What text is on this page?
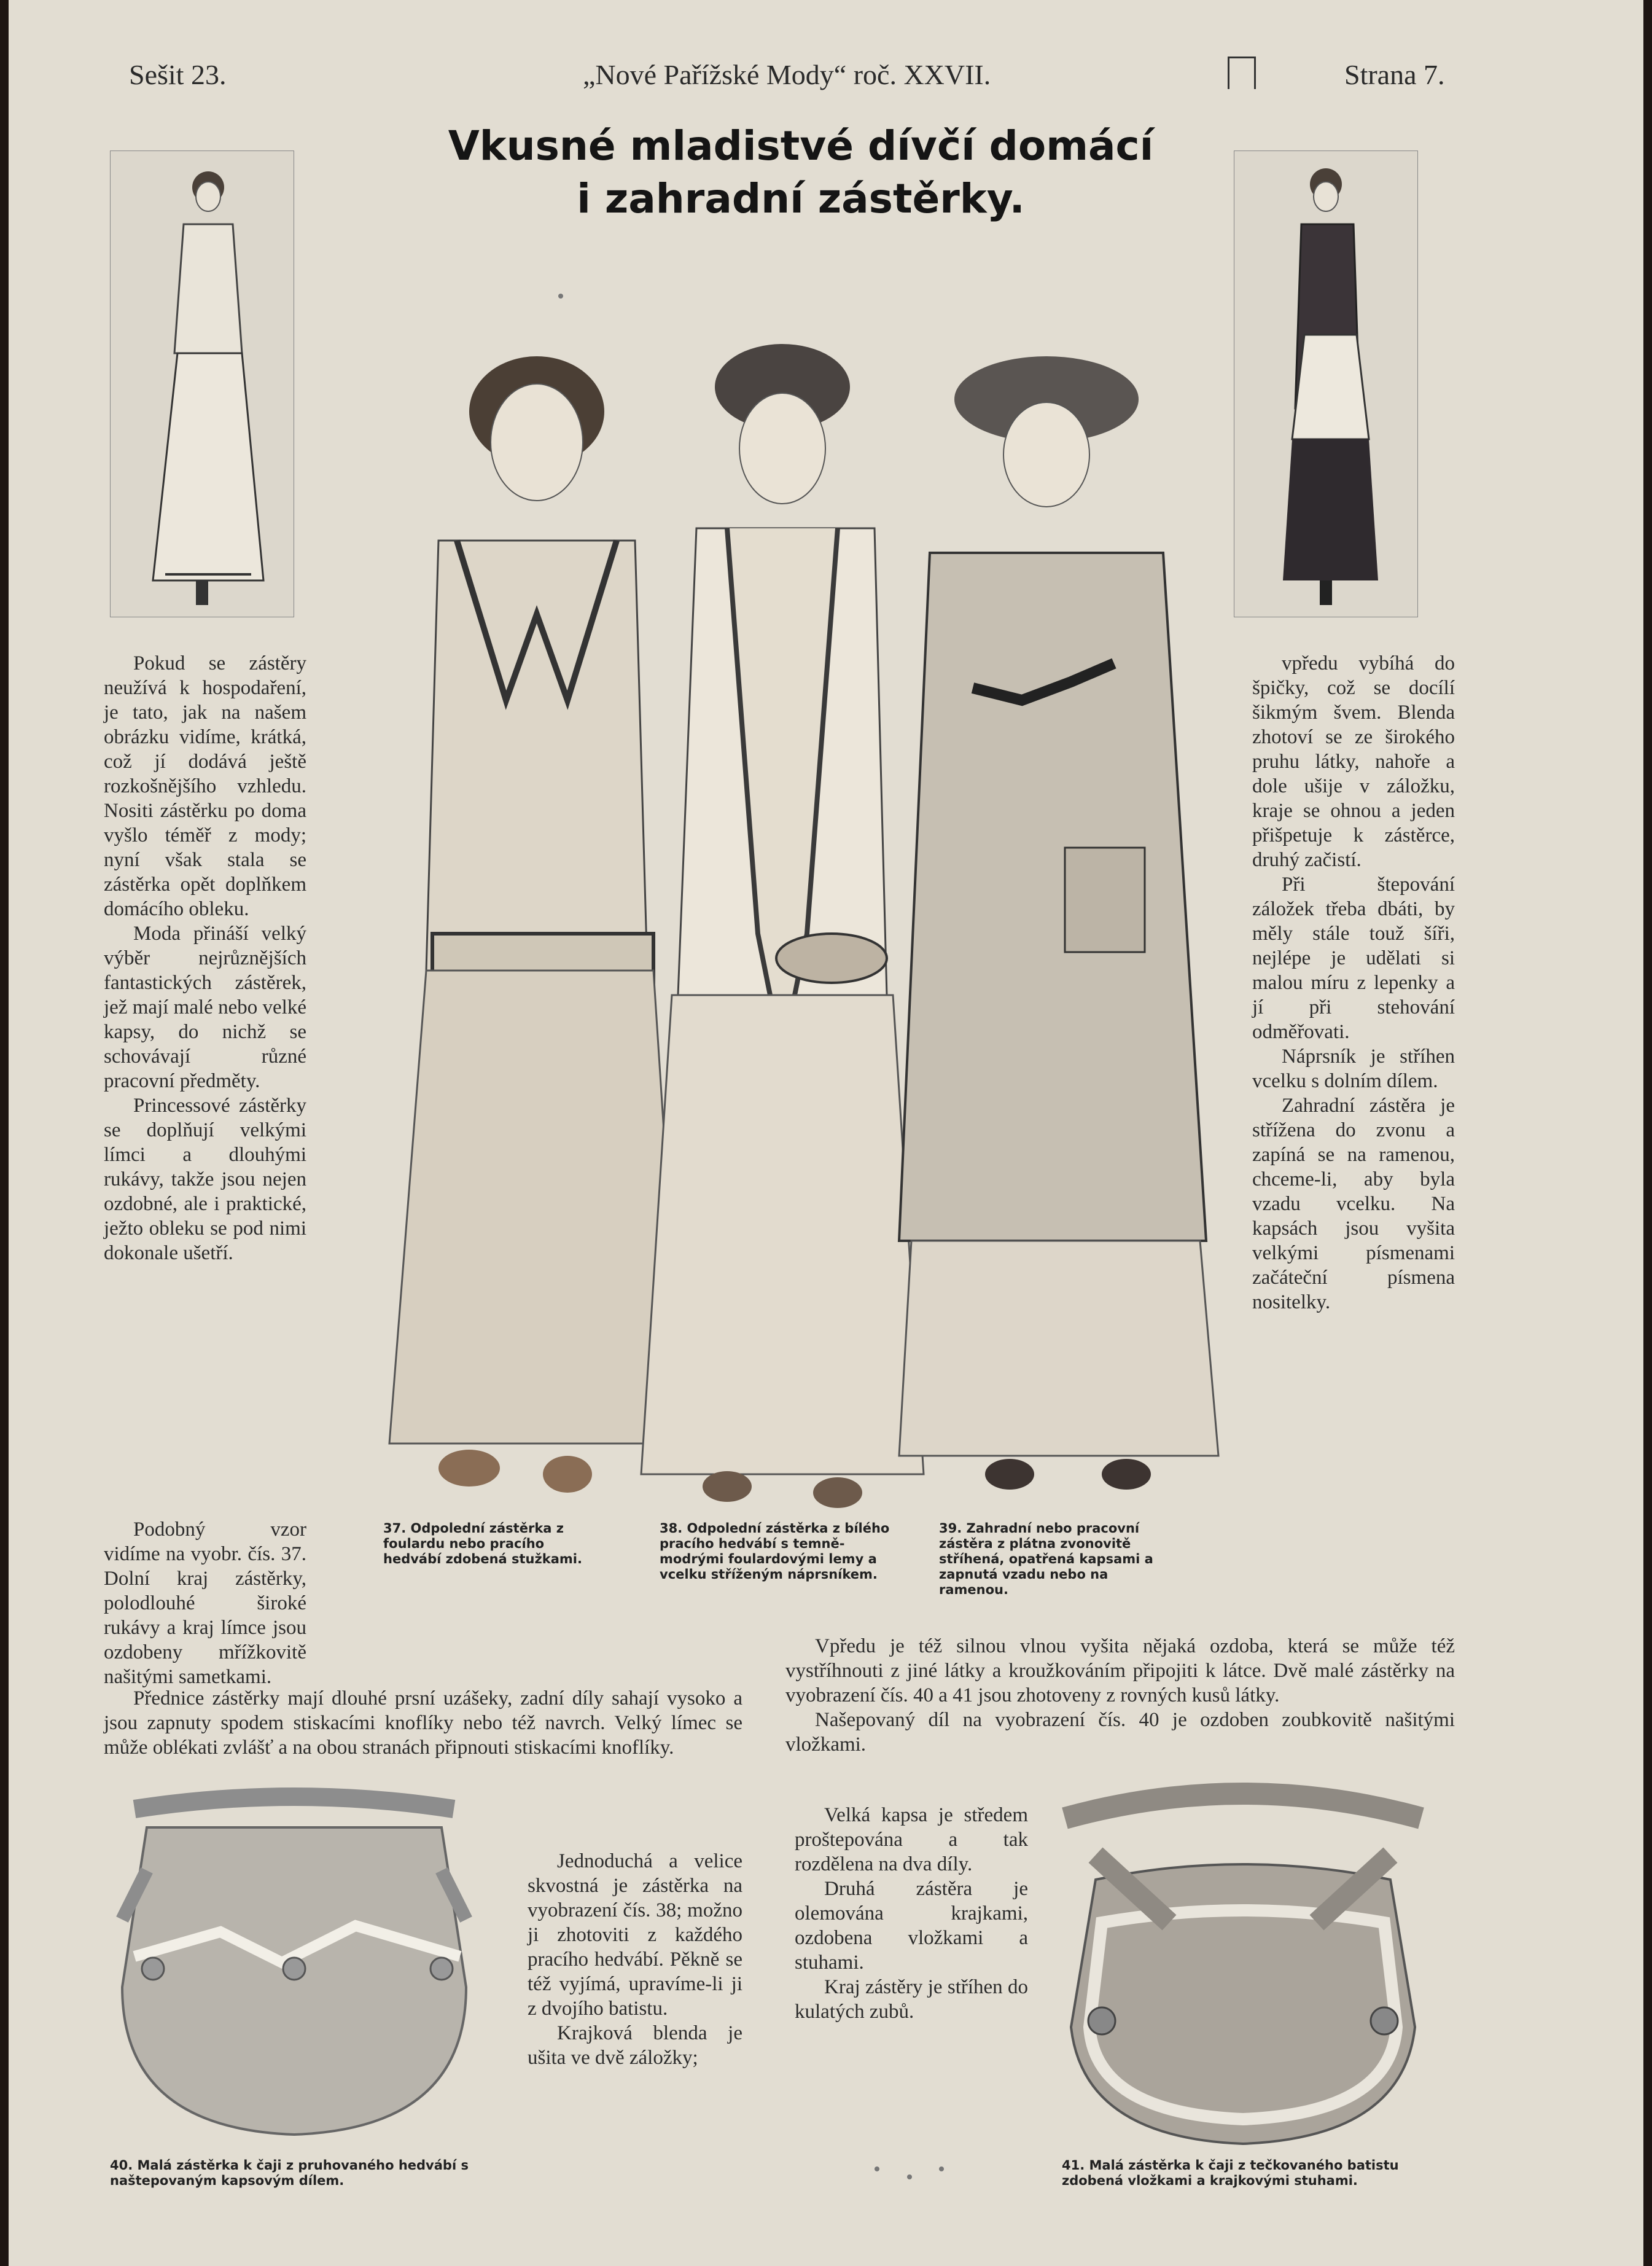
Sešit 23.	„Nové Pařížské Mody“ roč. XXVII.	Strana 7.
Vkusné mladistvé dívčí domácí
i zahradní zástěrky.
37. Odpolední zástěrka z foulardu nebo pracího hedvábí zdobená stužkami.
38. Odpolední zástěrka z bílého pracího hedvábí s temně-modrými foulardovými lemy a vcelku stříženým náprsníkem.
39. Zahradní nebo pracovní zástěra z plátna zvonovitě stříhená, opatřená kapsami a zapnutá vzadu nebo na ramenou.

Pokud se zástěry neužívá k hospodaření, je tato, jak na našem obrázku vidíme, krátká, což jí dodává ještě rozkošnějšího vzhledu. Nositi zástěrku po doma vyšlo téměř z mody; nyní však stala se zástěrka opět doplňkem domácího obleku.

Moda přináší velký výběr nejrůznějších fantastických zástěrek, jež mají malé nebo velké kapsy, do nichž se schovávají různé pracovní předměty.

Princessové zástěrky se doplňují velkými límci a dlouhými rukávy, takže jsou nejen ozdobné, ale i praktické, ježto obleku se pod nimi dokonale ušetří.

Podobný vzor vidíme na vyobr. čís. 37. Dolní kraj zástěrky, polodlouhé široké rukávy a kraj límce jsou ozdobeny mřížkovitě našitými sametkami.

Přednice zástěrky mají dlouhé prsní uzášeky, zadní díly sahají vysoko a jsou zapnuty spodem stiskacími knoflíky nebo též navrch. Velký límec se může oblékati zvlášť a na obou stranách připnouti stiskacími knoflíky.

Jednoduchá a velice skvostná je zástěrka na vyobrazení čís. 38; možno ji zhotoviti z každého pracího hedvábí. Pěkně se též vyjímá, upravíme-li ji z dvojího batistu.

Krajková blenda je ušita ve dvě záložky;

vpředu vybíhá do špičky, což se docílí šikmým švem. Blenda zhotoví se ze širokého pruhu látky, nahoře a dole ušije v záložku, kraje se ohnou a jeden přišpetuje k zástěrce, druhý začistí.

Při štepování záložek třeba dbáti, by měly stále touž šíři, nejlépe je udělati si malou míru z lepenky a jí při stehování odměřovati.

Náprsník je stříhen vcelku s dolním dílem.

Zahradní zástěra je střížena do zvonu a zapíná se na ramenou, chceme-li, aby byla vzadu vcelku. Na kapsách jsou vyšita velkými písmenami začáteční písmena nositelky.

Vpředu je též silnou vlnou vyšita nějaká ozdoba, která se může též vystříhnouti z jiné látky a kroužkováním připojiti k látce. Dvě malé zástěrky na vyobrazení čís. 40 a 41 jsou zhotoveny z rovných kusů látky.

Našepovaný díl na vyobrazení čís. 40 je ozdoben zoubkovitě našitými vložkami.

Velká kapsa je středem proštepována a tak rozdělena na dva díly.

Druhá zástěra je olemována krajkami, ozdobena vložkami a stuhami.

Kraj zástěry je stříhen do kulatých zubů.

40. Malá zástěrka k čaji z pruhovaného hedvábí s naštepovaným kapsovým dílem.
41. Malá zástěrka k čaji z tečkovaného batistu zdobená vložkami a krajkovými stuhami.
